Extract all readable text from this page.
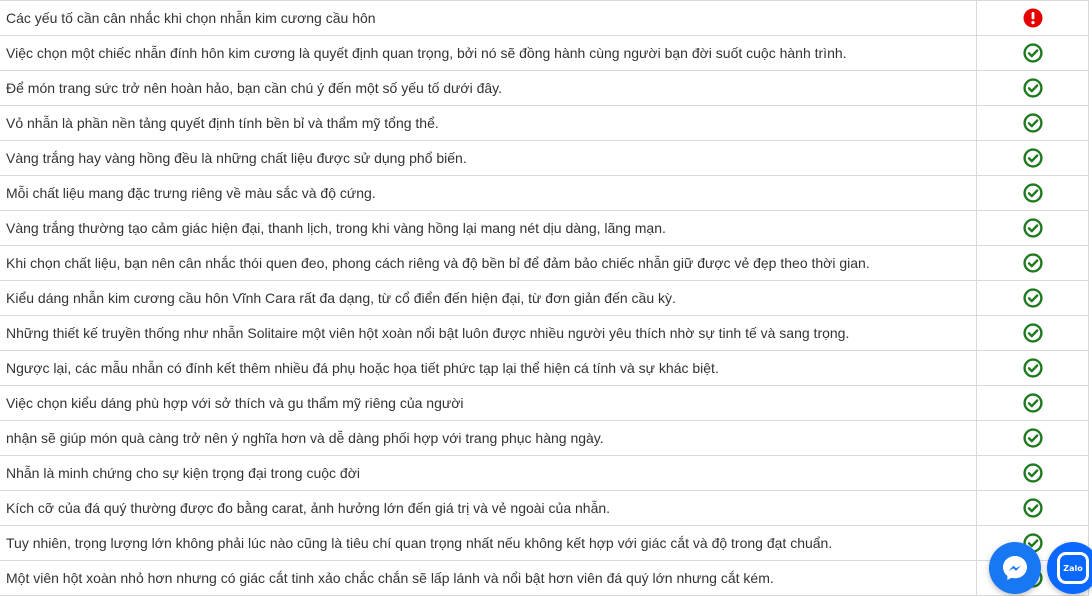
Các yếu tố cần cân nhắc khi chọn nhẫn kim cương cầu hôn
Việc chọn một chiếc nhẫn đính hôn kim cương là quyết định quan trọng, bởi nó sẽ đồng hành cùng người bạn đời suốt cuộc hành trình.
Để món trang sức trở nên hoàn hảo, bạn cần chú ý đến một số yếu tố dưới đây.
Vỏ nhẫn là phần nền tảng quyết định tính bền bỉ và thẩm mỹ tổng thể.
Vàng trắng hay vàng hồng đều là những chất liệu được sử dụng phổ biến.
Mỗi chất liệu mang đặc trưng riêng về màu sắc và độ cứng.
Vàng trắng thường tạo cảm giác hiện đại, thanh lịch, trong khi vàng hồng lại mang nét dịu dàng, lãng mạn.
Khi chọn chất liệu, bạn nên cân nhắc thói quen đeo, phong cách riêng và độ bền bỉ để đảm bảo chiếc nhẫn giữ được vẻ đẹp theo thời gian.
Kiểu dáng nhẫn kim cương cầu hôn Vĩnh Cara rất đa dạng, từ cổ điển đến hiện đại, từ đơn giản đến cầu kỳ.
Những thiết kế truyền thống như nhẫn Solitaire một viên hột xoàn nổi bật luôn được nhiều người yêu thích nhờ sự tinh tế và sang trọng.
Ngược lại, các mẫu nhẫn có đính kết thêm nhiều đá phụ hoặc họa tiết phức tạp lại thể hiện cá tính và sự khác biệt.
Việc chọn kiểu dáng phù hợp với sở thích và gu thẩm mỹ riêng của người
nhận sẽ giúp món quà càng trở nên ý nghĩa hơn và dễ dàng phối hợp với trang phục hàng ngày.
Nhẫn là minh chứng cho sự kiện trọng đại trong cuộc đời
Kích cỡ của đá quý thường được đo bằng carat, ảnh hưởng lớn đến giá trị và vẻ ngoài của nhẫn.
Tuy nhiên, trọng lượng lớn không phải lúc nào cũng là tiêu chí quan trọng nhất nếu không kết hợp với giác cắt và độ trong đạt chuẩn.
Một viên hột xoàn nhỏ hơn nhưng có giác cắt tinh xảo chắc chắn sẽ lấp lánh và nổi bật hơn viên đá quý lớn nhưng cắt kém.
Zalo
